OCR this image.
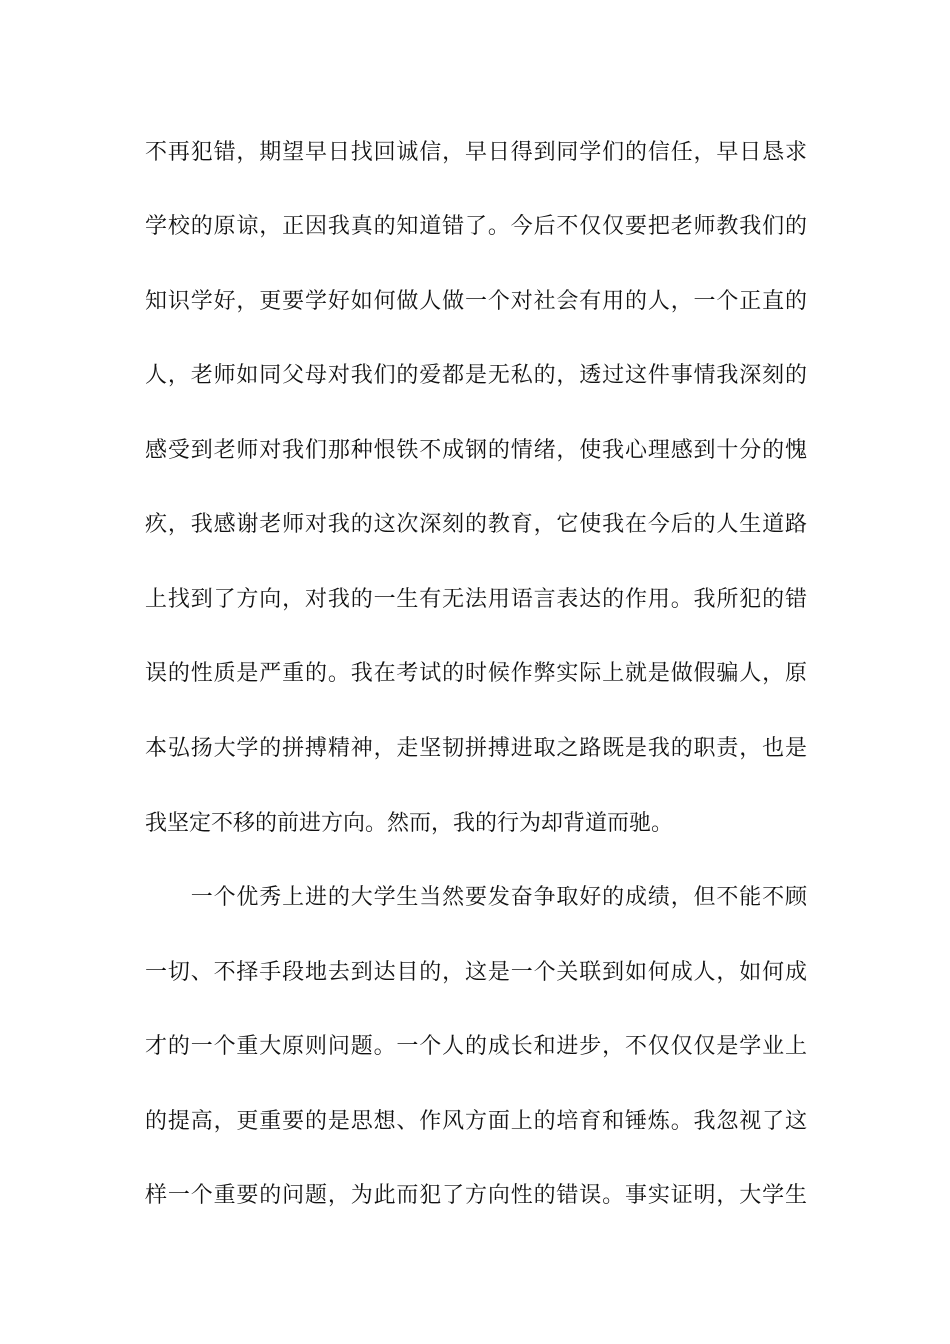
不再犯错，期望早日找回诚信，早日得到同学们的信任，早日恳求
学校的原谅，正因我真的知道错了。今后不仅仅要把老师教我们的
知识学好，更要学好如何做人做一个对社会有用的人，一个正直的
人，老师如同父母对我们的爱都是无私的，透过这件事情我深刻的
感受到老师对我们那种恨铁不成钢的情绪，使我心理感到十分的愧
疚，我感谢老师对我的这次深刻的教育，它使我在今后的人生道路
上找到了方向，对我的一生有无法用语言表达的作用。我所犯的错
误的性质是严重的。我在考试的时候作弊实际上就是做假骗人，原
本弘扬大学的拼搏精神，走坚韧拼搏进取之路既是我的职责，也是
我坚定不移的前进方向。然而，我的行为却背道而驰。
　　一个优秀上进的大学生当然要发奋争取好的成绩，但不能不顾
一切、不择手段地去到达目的，这是一个关联到如何成人，如何成
才的一个重大原则问题。一个人的成长和进步，不仅仅仅是学业上
的提高，更重要的是思想、作风方面上的培育和锤炼。我忽视了这
样一个重要的问题，为此而犯了方向性的错误。事实证明，大学生
